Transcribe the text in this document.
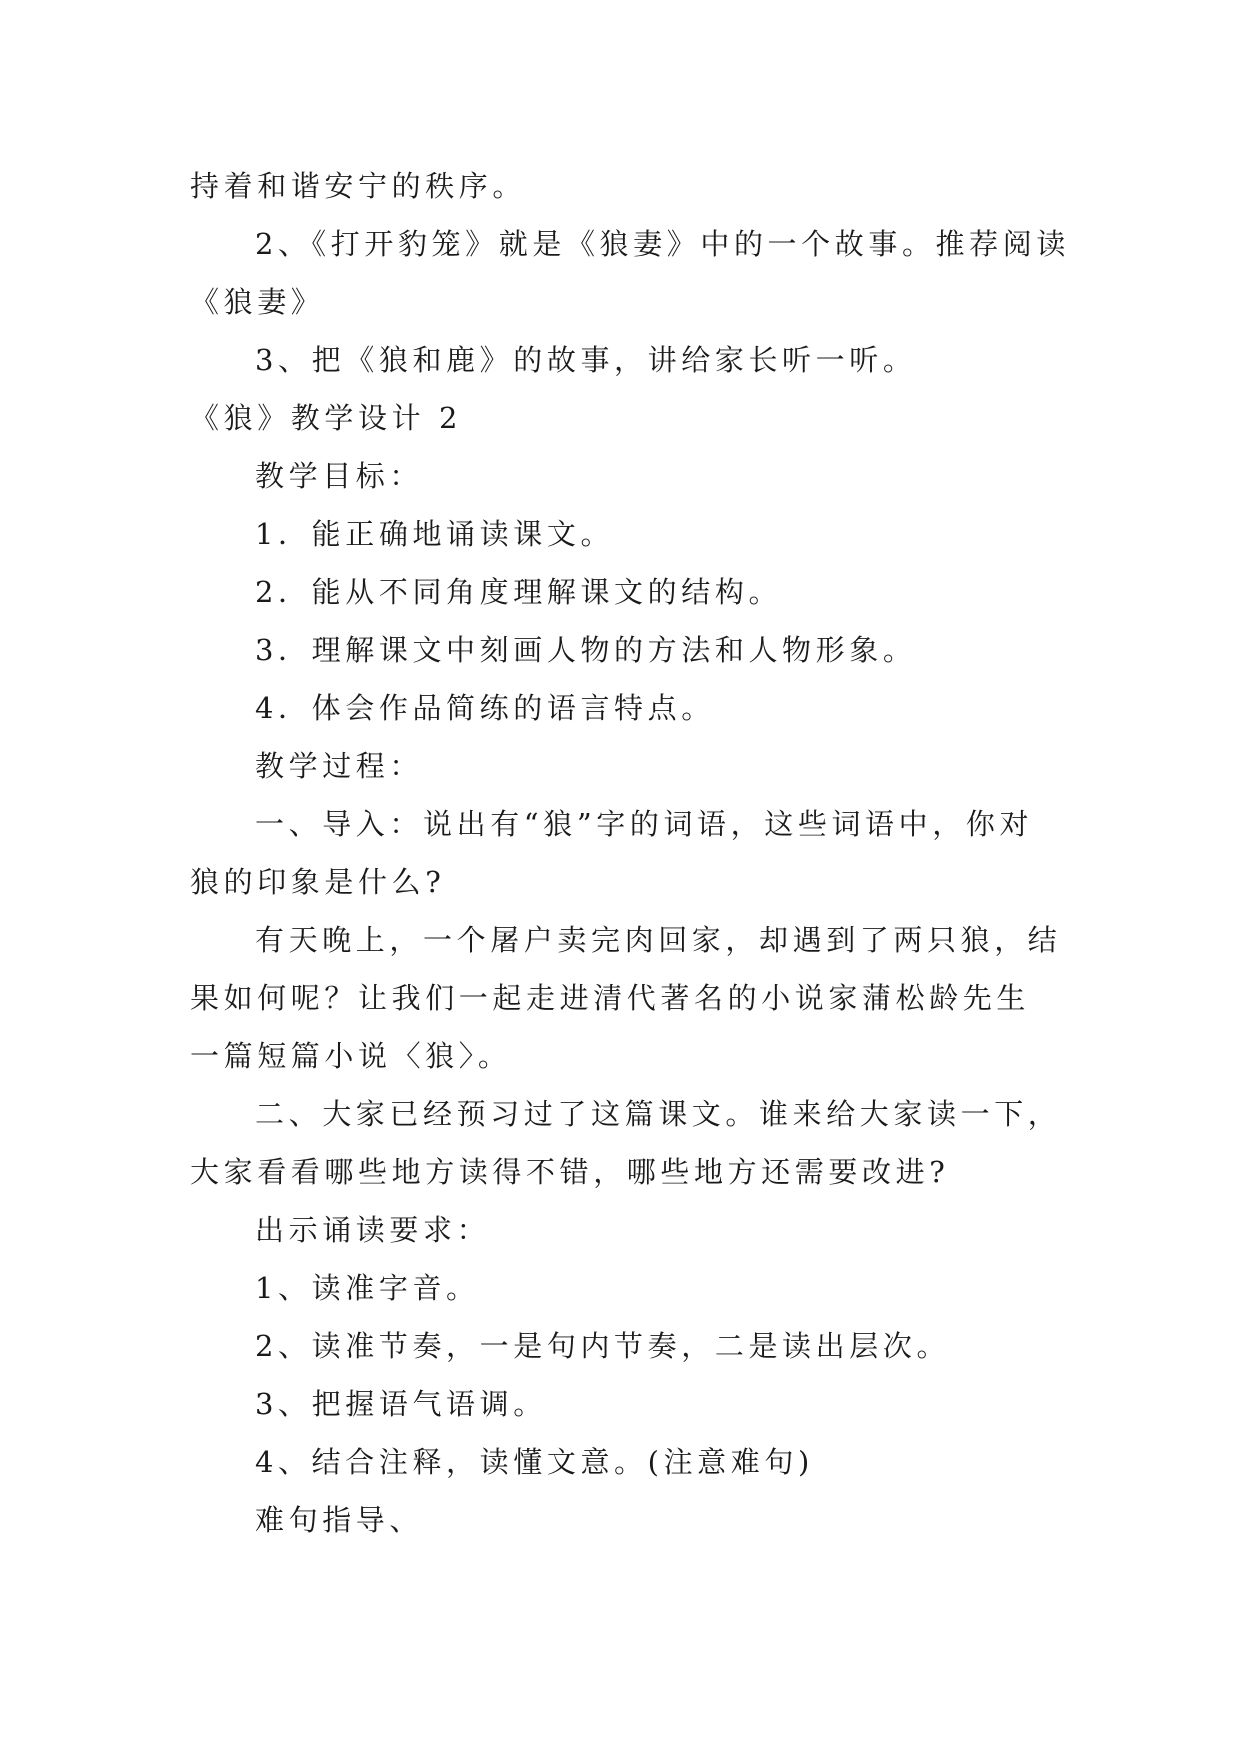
持着和谐安宁的秩序。
2、《打开豹笼》就是《狼妻》中的一个故事。推荐阅读
《狼妻》
3、把《狼和鹿》的故事，讲给家长听一听。
《狼》教学设计 2
教学目标：
1．能正确地诵读课文。
2．能从不同角度理解课文的结构。
3．理解课文中刻画人物的方法和人物形象。
4．体会作品简练的语言特点。
教学过程：
一、导入：说出有“狼”字的词语，这些词语中，你对
狼的印象是什么?
有天晚上，一个屠户卖完肉回家，却遇到了两只狼，结
果如何呢？让我们一起走进清代著名的小说家蒲松龄先生
一篇短篇小说〈狼〉。
二、大家已经预习过了这篇课文。谁来给大家读一下，
大家看看哪些地方读得不错，哪些地方还需要改进?
出示诵读要求：
1、读准字音。
2、读准节奏，一是句内节奏，二是读出层次。
3、把握语气语调。
4、结合注释，读懂文意。(注意难句)
难句指导、
